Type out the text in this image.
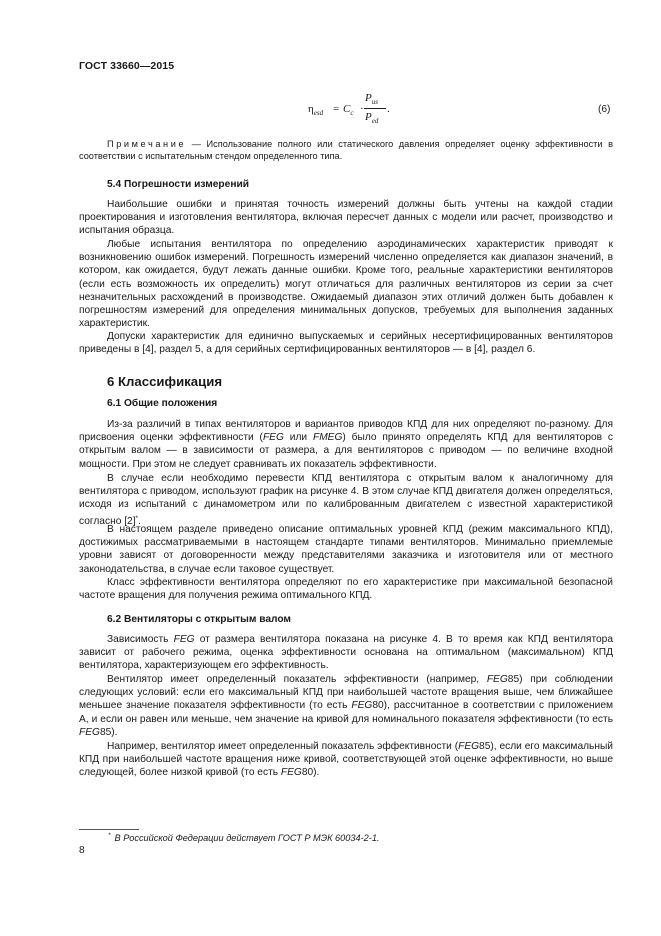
ГОСТ 33660—2015
$\eta_{esd} = C_c$ ·
$P_{us}$
$P_{ed}$
.	(6)

Примечание — Использование полного или статического давления определяет оценку эффективности в соответствии с испытательным стендом определенного типа.

5.4 Погрешности измерений

Наибольшие ошибки и принятая точность измерений должны быть учтены на каждой стадии проектирования и изготовления вентилятора, включая пересчет данных с модели или расчет, производство и испытания образца.

Любые испытания вентилятора по определению аэродинамических характеристик приводят к возникновению ошибок измерений. Погрешность измерений численно определяется как диапазон значений, в котором, как ожидается, будут лежать данные ошибки. Кроме того, реальные характеристики вентиляторов (если есть возможность их определить) могут отличаться для различных вентиляторов из серии за счет незначительных расхождений в производстве. Ожидаемый диапазон этих отличий должен быть добавлен к погрешностям измерений для определения минимальных допусков, требуемых для выполнения заданных характеристик.

Допуски характеристик для единично выпускаемых и серийных несертифицированных вентиляторов приведены в [4], раздел 5, а для серийных сертифицированных вентиляторов — в [4], раздел 6.

6 Классификация

6.1 Общие положения

Из-за различий в типах вентиляторов и вариантов приводов КПД для них определяют по-разному. Для присвоения оценки эффективности (FEG или FMEG) было принято определять КПД для вентиляторов с открытым валом — в зависимости от размера, а для вентиляторов с приводом — по величине входной мощности. При этом не следует сравнивать их показатель эффективности.

В случае если необходимо перевести КПД вентилятора с открытым валом к аналогичному для вентилятора с приводом, используют график на рисунке 4. В этом случае КПД двигателя должен определяться, исходя из испытаний с динамометром или по калиброванным двигателем с известной характеристикой согласно [2]*.

В настоящем разделе приведено описание оптимальных уровней КПД (режим максимального КПД), достижимых рассматриваемыми в настоящем стандарте типами вентиляторов. Минимально приемлемые уровни зависят от договоренности между представителями заказчика и изготовителя или от местного законодательства, в случае если таковое существует.

Класс эффективности вентилятора определяют по его характеристике при максимальной безопасной частоте вращения для получения режима оптимального КПД.

6.2 Вентиляторы с открытым валом

Зависимость FEG от размера вентилятора показана на рисунке 4. В то время как КПД вентилятора зависит от рабочего режима, оценка эффективности основана на оптимальном (максимальном) КПД вентилятора, характеризующем его эффективность.

Вентилятор имеет определенный показатель эффективности (например, FEG85) при соблюдении следующих условий: если его максимальный КПД при наибольшей частоте вращения выше, чем ближайшее меньшее значение показателя эффективности (то есть FEG80), рассчитанное в соответствии с приложением А, и если он равен или меньше, чем значение на кривой для номинального показателя эффективности (то есть FEG85).

Например, вентилятор имеет определенный показатель эффективности (FEG85), если его максимальный КПД при наибольшей частоте вращения ниже кривой, соответствующей этой оценке эффективности, но выше следующей, более низкой кривой (то есть FEG80).

* В Российской Федерации действует ГОСТ Р МЭК 60034-2-1.
8
